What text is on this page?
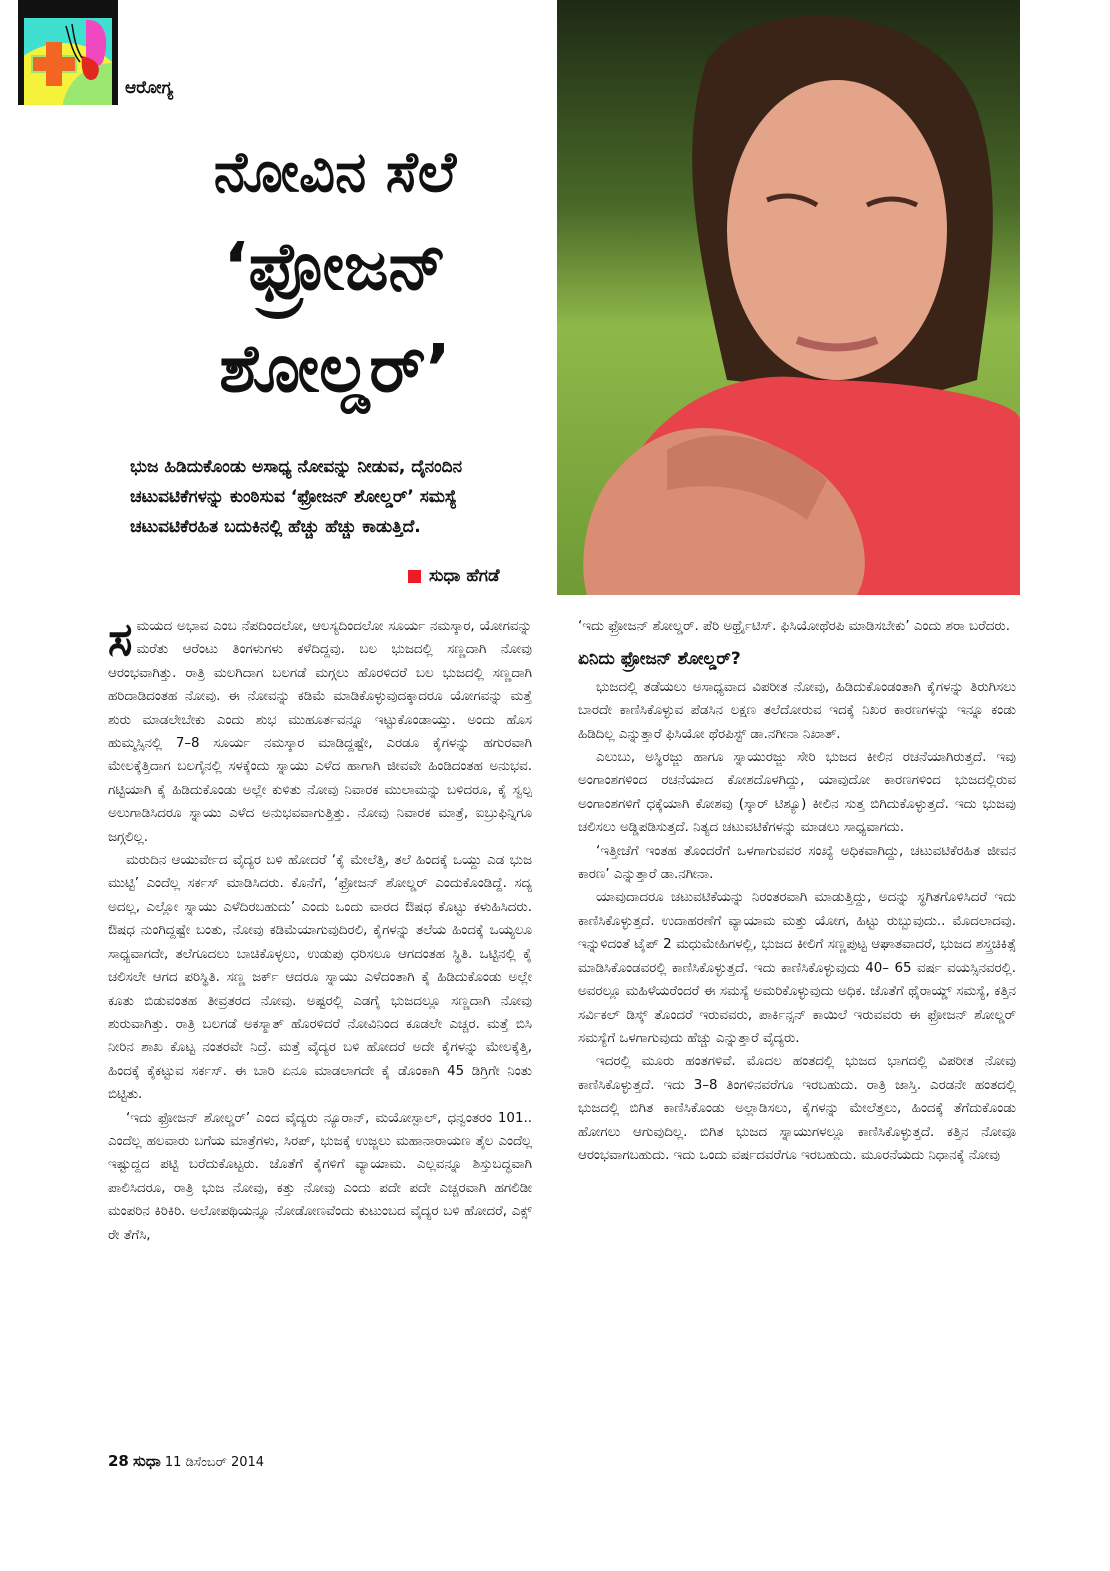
ಆರೋಗ್ಯ
ನೋವಿನ ಸೆಲೆ
‘ಫ್ರೋಜನ್
ಶೋಲ್ಡರ್’
ಭುಜ ಹಿಡಿದುಕೊಂಡು ಅಸಾಧ್ಯ ನೋವನ್ನು ನೀಡುವ, ದೈನಂದಿನ ಚಟುವಟಿಕೆಗಳನ್ನು ಕುಂಠಿಸುವ ‘ಫ್ರೋಜನ್ ಶೋಲ್ಡರ್’ ಸಮಸ್ಯೆ ಚಟುವಟಿಕೆರಹಿತ ಬದುಕಿನಲ್ಲಿ ಹೆಚ್ಚು ಹೆಚ್ಚು ಕಾಡುತ್ತಿದೆ.
ಸುಧಾ ಹೆಗಡೆ

ಸಮಯದ ಅಭಾವ ಎಂಬ ನೆಪದಿಂದಲೋ, ಆಲಸ್ಯದಿಂದಲೋ ಸೂರ್ಯ ನಮಸ್ಕಾರ, ಯೋಗವನ್ನು ಮರೆತು ಆರೆಂಟು ತಿಂಗಳುಗಳು ಕಳೆದಿದ್ದವು. ಬಲ ಭುಜದಲ್ಲಿ ಸಣ್ಣದಾಗಿ ನೋವು ಆರಂಭವಾಗಿತ್ತು. ರಾತ್ರಿ ಮಲಗಿದಾಗ ಬಲಗಡೆ ಮಗ್ಗಲು ಹೊರಳಿದರೆ ಬಲ ಭುಜದಲ್ಲಿ ಸಣ್ಣದಾಗಿ ಹರಿದಾಡಿದಂತಹ ನೋವು. ಈ ನೋವನ್ನು ಕಡಿಮೆ ಮಾಡಿಕೊಳ್ಳುವುದಕ್ಕಾದರೂ ಯೋಗವನ್ನು ಮತ್ತೆ ಶುರು ಮಾಡಲೇಬೇಕು ಎಂದು ಶುಭ ಮುಹೂರ್ತವನ್ನೂ ಇಟ್ಟುಕೊಂಡಾಯ್ತು. ಅಂದು ಹೊಸ ಹುಮ್ಮಸ್ಸಿನಲ್ಲಿ 7–8 ಸೂರ್ಯ ನಮಸ್ಕಾರ ಮಾಡಿದ್ದಷ್ಟೇ, ಎರಡೂ ಕೈಗಳನ್ನು ಹಗುರವಾಗಿ ಮೇಲಕ್ಕೆತ್ತಿದಾಗ ಬಲಗೈನಲ್ಲಿ ಸಳಕ್ಕೆಂದು ಸ್ನಾಯು ಎಳೆದ ಹಾಗಾಗಿ ಜೀವವೇ ಹಿಂಡಿದಂತಹ ಅನುಭವ. ಗಟ್ಟಿಯಾಗಿ ಕೈ ಹಿಡಿದುಕೊಂಡು ಅಲ್ಲೇ ಕುಳಿತು ನೋವು ನಿವಾರಕ ಮುಲಾಮನ್ನು ಬಳಿದರೂ, ಕೈ ಸ್ವಲ್ಪ ಅಲುಗಾಡಿಸಿದರೂ ಸ್ನಾಯು ಎಳೆದ ಅನುಭವವಾಗುತ್ತಿತ್ತು. ನೋವು ನಿವಾರಕ ಮಾತ್ರೆ, ಐಬ್ರುಫಿನ್ನಿಗೂ ಜಗ್ಗಲಿಲ್ಲ.

ಮರುದಿನ ಆಯುರ್ವೇದ ವೈದ್ಯರ ಬಳಿ ಹೋದರೆ ‘ಕೈ ಮೇಲೆತ್ತಿ, ತಲೆ ಹಿಂದಕ್ಕೆ ಒಯ್ದು ಎಡ ಭುಜ ಮುಟ್ಟಿ’ ಎಂದೆಲ್ಲ ಸರ್ಕಸ್ ಮಾಡಿಸಿದರು. ಕೊನೆಗೆ, ‘ಫ್ರೋಜನ್ ಶೋಲ್ಡರ್ ಎಂದುಕೊಂಡಿದ್ದೆ. ಸದ್ಯ ಅದಲ್ಲ, ಎಲ್ಲೋ ಸ್ನಾಯು ಎಳೆದಿರಬಹುದು’ ಎಂದು ಒಂದು ವಾರದ ಔಷಧ ಕೊಟ್ಟು ಕಳುಹಿಸಿದರು. ಔಷಧ ನುಂಗಿದ್ದಷ್ಟೇ ಬಂತು, ನೋವು ಕಡಿಮೆಯಾಗುವುದಿರಲಿ, ಕೈಗಳನ್ನು ತಲೆಯ ಹಿಂದಕ್ಕೆ ಒಯ್ಯಲೂ ಸಾಧ್ಯವಾಗದೇ, ತಲೆಗೂದಲು ಬಾಚಿಕೊಳ್ಳಲು, ಉಡುಪು ಧರಿಸಲೂ ಆಗದಂತಹ ಸ್ಥಿತಿ. ಒಟ್ಟಿನಲ್ಲಿ ಕೈ ಚಲಿಸಲೇ ಆಗದ ಪರಿಸ್ಥಿತಿ. ಸಣ್ಣ ಜರ್ಕ್ ಆದರೂ ಸ್ನಾಯು ಎಳೆದಂತಾಗಿ ಕೈ ಹಿಡಿದುಕೊಂಡು ಅಲ್ಲೇ ಕೂತು ಬಿಡುವಂತಹ ತೀವ್ರತರದ ನೋವು. ಅಷ್ಟರಲ್ಲಿ ಎಡಗೈ ಭುಜದಲ್ಲೂ ಸಣ್ಣದಾಗಿ ನೋವು ಶುರುವಾಗಿತ್ತು. ರಾತ್ರಿ ಬಲಗಡೆ ಅಕಸ್ಮಾತ್ ಹೊರಳಿದರೆ ನೋವಿನಿಂದ ಕೂಡಲೇ ಎಚ್ಚರ. ಮತ್ತೆ ಬಿಸಿ ನೀರಿನ ಶಾಖ ಕೊಟ್ಟ ನಂತರವೇ ನಿದ್ರೆ. ಮತ್ತೆ ವೈದ್ಯರ ಬಳಿ ಹೋದರೆ ಅದೇ ಕೈಗಳನ್ನು ಮೇಲಕ್ಕೆತ್ತಿ, ಹಿಂದಕ್ಕೆ ಕೈಕಟ್ಟುವ ಸರ್ಕಸ್. ಈ ಬಾರಿ ಏನೂ ಮಾಡಲಾಗದೇ ಕೈ ಡೊಂಕಾಗಿ 45 ಡಿಗ್ರಿಗೇ ನಿಂತು ಬಿಟ್ಟಿತು.

‘ಇದು ಫ್ರೋಜನ್ ಶೋಲ್ಡರ್’ ಎಂದ ವೈದ್ಯರು ನ್ಯೂರಾನ್, ಮಯೋಸ್ಪಾಲ್, ಧನ್ವಂತರಂ 101.. ಎಂದೆಲ್ಲ ಹಲವಾರು ಬಗೆಯ ಮಾತ್ರೆಗಳು, ಸಿರಪ್, ಭುಜಕ್ಕೆ ಉಜ್ಜಲು ಮಹಾನಾರಾಯಣ ತೈಲ ಎಂದೆಲ್ಲ ಇಷ್ಟುದ್ದದ ಪಟ್ಟಿ ಬರೆದುಕೊಟ್ಟರು. ಜೊತೆಗೆ ಕೈಗಳಿಗೆ ವ್ಯಾಯಾಮ. ಎಲ್ಲವನ್ನೂ ಶಿಸ್ತುಬದ್ಧವಾಗಿ ಪಾಲಿಸಿದರೂ, ರಾತ್ರಿ ಭುಜ ನೋವು, ಕತ್ತು ನೋವು ಎಂದು ಪದೇ ಪದೇ ಎಚ್ಚರವಾಗಿ ಹಗಲಿಡೀ ಮಂಪರಿನ ಕಿರಿಕಿರಿ. ಅಲೋಪಥಿಯನ್ನೂ ನೋಡೋಣವೆಂದು ಕುಟುಂಬದ ವೈದ್ಯರ ಬಳಿ ಹೋದರೆ, ಎಕ್ಸ್ ರೇ ತೆಗೆಸಿ,

‘ಇದು ಫ್ರೋಜನ್ ಶೋಲ್ಡರ್. ಪೆರಿ ಅರ್ಥ್ರೈಟಿಸ್. ಫಿಸಿಯೋಥೆರಪಿ ಮಾಡಿಸಬೇಕು’ ಎಂದು ಶರಾ ಬರೆದರು.

ಏನಿದು ಫ್ರೋಜನ್ ಶೋಲ್ಡರ್?

ಭುಜದಲ್ಲಿ ತಡೆಯಲು ಅಸಾಧ್ಯವಾದ ವಿಪರೀತ ನೋವು, ಹಿಡಿದುಕೊಂಡಂತಾಗಿ ಕೈಗಳನ್ನು ತಿರುಗಿಸಲು ಬಾರದೇ ಕಾಣಿಸಿಕೊಳ್ಳುವ ಪೆಡಸಿನ ಲಕ್ಷಣ ತಲೆದೋರುವ ಇದಕ್ಕೆ ನಿಖರ ಕಾರಣಗಳನ್ನು ಇನ್ನೂ ಕಂಡು ಹಿಡಿದಿಲ್ಲ ಎನ್ನುತ್ತಾರೆ ಫಿಸಿಯೋ ಥೆರಪಿಸ್ಟ್ ಡಾ.ನಗೀನಾ ನಿಖಾತ್.

ಎಲುಬು, ಅಸ್ಥಿರಜ್ಜು ಹಾಗೂ ಸ್ನಾಯುರಜ್ಜು ಸೇರಿ ಭುಜದ ಕೀಲಿನ ರಚನೆಯಾಗಿರುತ್ತದೆ. ಇವು ಅಂಗಾಂಶಗಳಿಂದ ರಚನೆಯಾದ ಕೋಶದೊಳಗಿದ್ದು, ಯಾವುದೋ ಕಾರಣಗಳಿಂದ ಭುಜದಲ್ಲಿರುವ ಅಂಗಾಂಶಗಳಿಗೆ ಧಕ್ಕೆಯಾಗಿ ಕೋಶವು (ಸ್ಕಾರ್ ಟಿಶ್ಯೂ) ಕೀಲಿನ ಸುತ್ತ ಬಿಗಿದುಕೊಳ್ಳುತ್ತದೆ. ಇದು ಭುಜವು ಚಲಿಸಲು ಅಡ್ಡಿಪಡಿಸುತ್ತದೆ. ನಿತ್ಯದ ಚಟುವಟಿಕೆಗಳನ್ನು ಮಾಡಲು ಸಾಧ್ಯವಾಗದು.

‘ಇತ್ತೀಚೆಗೆ ಇಂತಹ ತೊಂದರೆಗೆ ಒಳಗಾಗುವವರ ಸಂಖ್ಯೆ ಅಧಿಕವಾಗಿದ್ದು, ಚಟುವಟಿಕೆರಹಿತ ಜೀವನ ಕಾರಣ’ ಎನ್ನುತ್ತಾರೆ ಡಾ.ನಗೀನಾ.

ಯಾವುದಾದರೂ ಚಟುವಟಿಕೆಯನ್ನು ನಿರಂತರವಾಗಿ ಮಾಡುತ್ತಿದ್ದು, ಅದನ್ನು ಸ್ಥಗಿತಗೊಳಿಸಿದರೆ ಇದು ಕಾಣಿಸಿಕೊಳ್ಳುತ್ತದೆ. ಉದಾಹರಣೆಗೆ ವ್ಯಾಯಾಮ ಮತ್ತು ಯೋಗ, ಹಿಟ್ಟು ರುಬ್ಬುವುದು.. ಮೊದಲಾದವು. ಇನ್ನುಳಿದಂತೆ ಟೈಪ್ 2 ಮಧುಮೇಹಿಗಳಲ್ಲಿ, ಭುಜದ ಕೀಲಿಗೆ ಸಣ್ಣಪುಟ್ಟ ಆಘಾತವಾದರೆ, ಭುಜದ ಶಸ್ತ್ರಚಿಕಿತ್ಸೆ ಮಾಡಿಸಿಕೊಂಡವರಲ್ಲಿ ಕಾಣಿಸಿಕೊಳ್ಳುತ್ತದೆ. ಇದು ಕಾಣಿಸಿಕೊಳ್ಳುವುದು 40– 65 ವರ್ಷ ವಯಸ್ಸಿನವರಲ್ಲಿ. ಅವರಲ್ಲೂ ಮಹಿಳೆಯರೆಂದರೆ ಈ ಸಮಸ್ಯೆ ಅಮರಿಕೊಳ್ಳುವುದು ಅಧಿಕ. ಜೊತೆಗೆ ಥೈರಾಯ್ಡ್ ಸಮಸ್ಯೆ, ಕತ್ತಿನ ಸರ್ವಿಕಲ್ ಡಿಸ್ಕ್ ತೊಂದರೆ ಇರುವವರು, ಪಾರ್ಕಿನ್ಸನ್ ಕಾಯಿಲೆ ಇರುವವರು ಈ ಫ್ರೋಜನ್ ಶೋಲ್ಡರ್ ಸಮಸ್ಯೆಗೆ ಒಳಗಾಗುವುದು ಹೆಚ್ಚು ಎನ್ನುತ್ತಾರೆ ವೈದ್ಯರು.

ಇದರಲ್ಲಿ ಮೂರು ಹಂತಗಳಿವೆ. ಮೊದಲ ಹಂತದಲ್ಲಿ ಭುಜದ ಭಾಗದಲ್ಲಿ ವಿಪರೀತ ನೋವು ಕಾಣಿಸಿಕೊಳ್ಳುತ್ತದೆ. ಇದು 3–8 ತಿಂಗಳಿನವರೆಗೂ ಇರಬಹುದು. ರಾತ್ರಿ ಜಾಸ್ತಿ. ಎರಡನೇ ಹಂತದಲ್ಲಿ ಭುಜದಲ್ಲಿ ಬಿಗಿತ ಕಾಣಿಸಿಕೊಂಡು ಅಲ್ಲಾಡಿಸಲು, ಕೈಗಳನ್ನು ಮೇಲೆತ್ತಲು, ಹಿಂದಕ್ಕೆ ತೆಗೆದುಕೊಂಡು ಹೋಗಲು ಆಗುವುದಿಲ್ಲ. ಬಿಗಿತ ಭುಜದ ಸ್ನಾಯುಗಳಲ್ಲೂ ಕಾಣಿಸಿಕೊಳ್ಳುತ್ತದೆ. ಕತ್ತಿನ ನೋವೂ ಆರಂಭವಾಗಬಹುದು. ಇದು ಒಂದು ವರ್ಷದವರೆಗೂ ಇರಬಹುದು. ಮೂರನೆಯದು ನಿಧಾನಕ್ಕೆ ನೋವು

28 ಸುಧಾ 11 ಡಿಸೆಂಬರ್ 2014
